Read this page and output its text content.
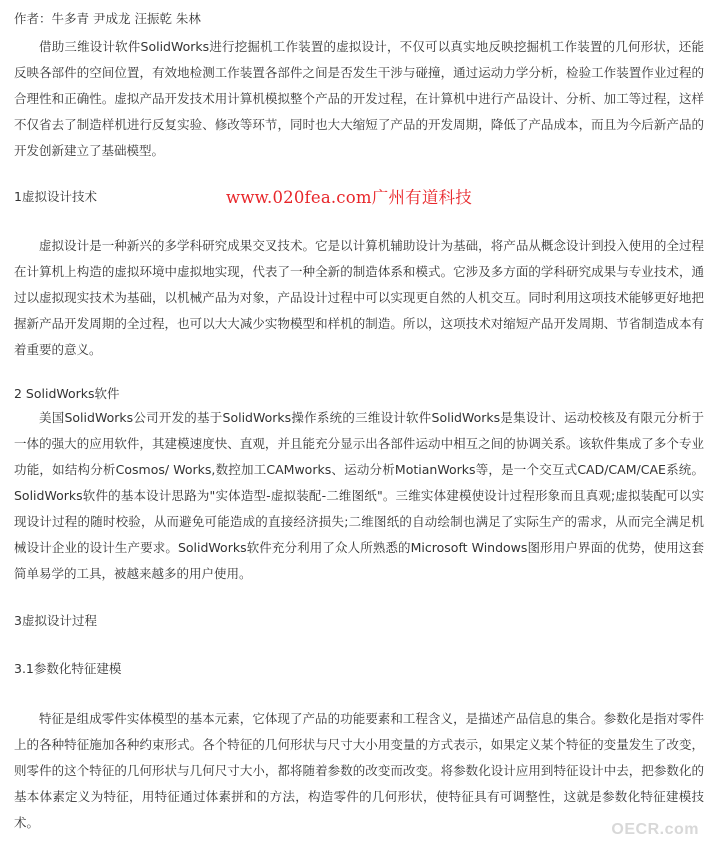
作者：牛多青 尹成龙 汪振乾 朱林

借助三维设计软件SolidWorks进行挖掘机工作装置的虚拟设计，不仅可以真实地反映挖掘机工作装置的几何形状，还能反映各部件的空间位置，有效地检测工作装置各部件之间是否发生干涉与碰撞，通过运动力学分析，检验工作装置作业过程的合理性和正确性。虚拟产品开发技术用计算机模拟整个产品的开发过程，在计算机中进行产品设计、分析、加工等过程，这样不仅省去了制造样机进行反复实验、修改等环节，同时也大大缩短了产品的开发周期，降低了产品成本，而且为今后新产品的开发创新建立了基础模型。

1虚拟设计技术	www.020fea.com广州有道科技

虚拟设计是一种新兴的多学科研究成果交叉技术。它是以计算机辅助设计为基础，将产品从概念设计到投入使用的全过程在计算机上构造的虚拟环境中虚拟地实现，代表了一种全新的制造体系和模式。它涉及多方面的学科研究成果与专业技术，通过以虚拟现实技术为基础，以机械产品为对象，产品设计过程中可以实现更自然的人机交互。同时利用这项技术能够更好地把握新产品开发周期的全过程，也可以大大减少实物模型和样机的制造。所以，这项技术对缩短产品开发周期、节省制造成本有着重要的意义。

2 SolidWorks软件

美国SolidWorks公司开发的基于SolidWorks操作系统的三维设计软件SolidWorks是集设计、运动校核及有限元分析于一体的强大的应用软件，其建模速度快、直观，并且能充分显示出各部件运动中相互之间的协调关系。该软件集成了多个专业功能，如结构分析Cosmos/ Works,数控加工CAMworks、运动分析MotianWorks等，是一个交互式CAD/CAM/CAE系统。SolidWorks软件的基本设计思路为"实体造型-虚拟装配-二维图纸"。三维实体建模使设计过程形象而且真观;虚拟装配可以实现设计过程的随时校验，从而避免可能造成的直接经济损失;二维图纸的自动绘制也满足了实际生产的需求，从而完全满足机械设计企业的设计生产要求。SolidWorks软件充分利用了众人所熟悉的Microsoft Windows图形用户界面的优势，使用这套简单易学的工具，被越来越多的用户使用。

3虚拟设计过程
3.1参数化特征建模

特征是组成零件实体模型的基本元素，它体现了产品的功能要素和工程含义，是描述产品信息的集合。参数化是指对零件上的各种特征施加各种约束形式。各个特征的几何形状与尺寸大小用变量的方式表示，如果定义某个特征的变量发生了改变，则零件的这个特征的几何形状与几何尺寸大小，都将随着参数的改变而改变。将参数化设计应用到特征设计中去，把参数化的基本体素定义为特征，用特征通过体素拼和的方法，构造零件的几何形状，使特征具有可调整性，这就是参数化特征建模技术。	OECR.com
